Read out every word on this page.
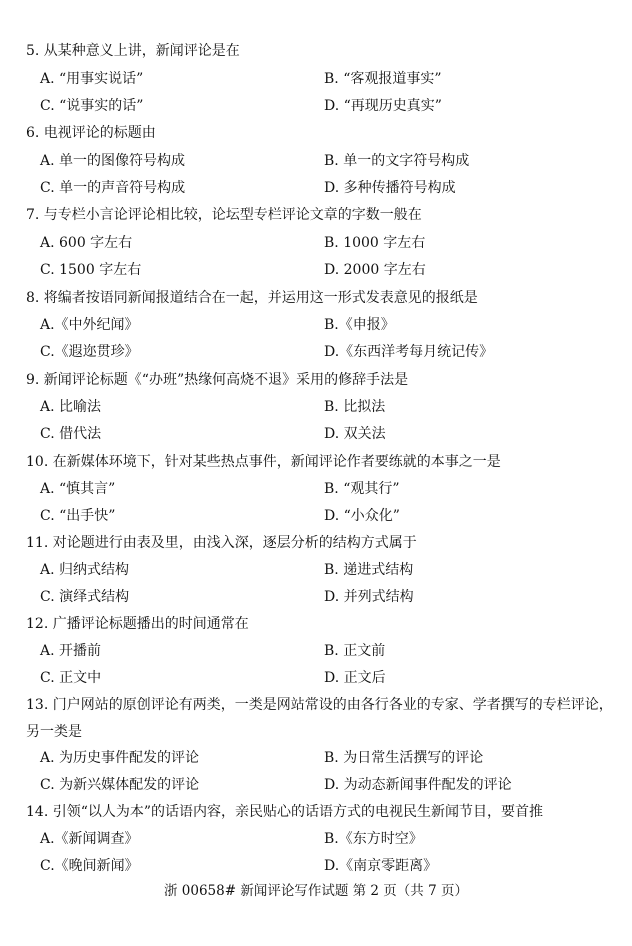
5. 从某种意义上讲，新闻评论是在
A. “用事实说话”	B. “客观报道事实”
C. “说事实的话”	D. “再现历史真实”
6. 电视评论的标题由
A. 单一的图像符号构成	B. 单一的文字符号构成
C. 单一的声音符号构成	D. 多种传播符号构成
7. 与专栏小言论评论相比较，论坛型专栏评论文章的字数一般在
A. 600 字左右	B. 1000 字左右
C. 1500 字左右	D. 2000 字左右
8. 将编者按语同新闻报道结合在一起，并运用这一形式发表意见的报纸是
A.《中外纪闻》	B.《申报》
C.《遐迩贯珍》	D.《东西洋考每月统记传》
9. 新闻评论标题《“办班”热缘何高烧不退》采用的修辞手法是
A. 比喻法	B. 比拟法
C. 借代法	D. 双关法
10. 在新媒体环境下，针对某些热点事件，新闻评论作者要练就的本事之一是
A. “慎其言”	B. “观其行”
C. “出手快”	D. “小众化”
11. 对论题进行由表及里，由浅入深，逐层分析的结构方式属于
A. 归纳式结构	B. 递进式结构
C. 演绎式结构	D. 并列式结构
12. 广播评论标题播出的时间通常在
A. 开播前	B. 正文前
C. 正文中	D. 正文后
13. 门户网站的原创评论有两类，一类是网站常设的由各行各业的专家、学者撰写的专栏评论，另一类是
A. 为历史事件配发的评论	B. 为日常生活撰写的评论
C. 为新兴媒体配发的评论	D. 为动态新闻事件配发的评论
14. 引领“以人为本”的话语内容，亲民贴心的话语方式的电视民生新闻节目，要首推
A.《新闻调查》	B.《东方时空》
C.《晚间新闻》	D.《南京零距离》
浙 00658# 新闻评论写作试题 第 2 页（共 7 页）
